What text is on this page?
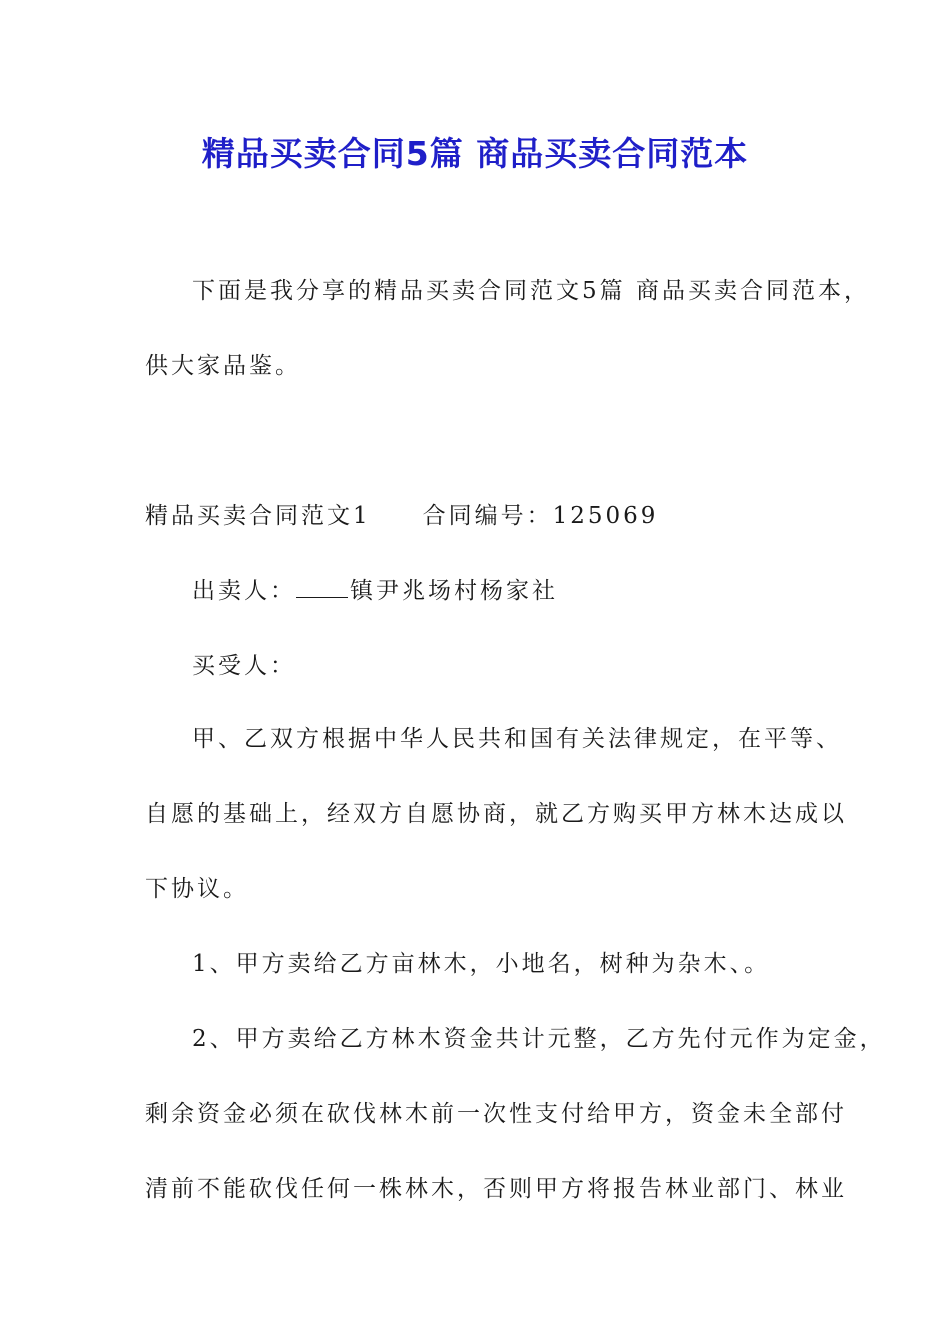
精品买卖合同5篇 商品买卖合同范本
下面是我分享的精品买卖合同范文5篇 商品买卖合同范本，
供大家品鉴。
精品买卖合同范文1 合同编号：125069
出卖人： 镇尹兆场村杨家社
买受人：
甲、乙双方根据中华人民共和国有关法律规定，在平等、
自愿的基础上，经双方自愿协商，就乙方购买甲方林木达成以
下协议。
1、甲方卖给乙方亩林木，小地名，树种为杂木、。
2、甲方卖给乙方林木资金共计元整，乙方先付元作为定金，
剩余资金必须在砍伐林木前一次性支付给甲方，资金未全部付
清前不能砍伐任何一株林木，否则甲方将报告林业部门、林业
